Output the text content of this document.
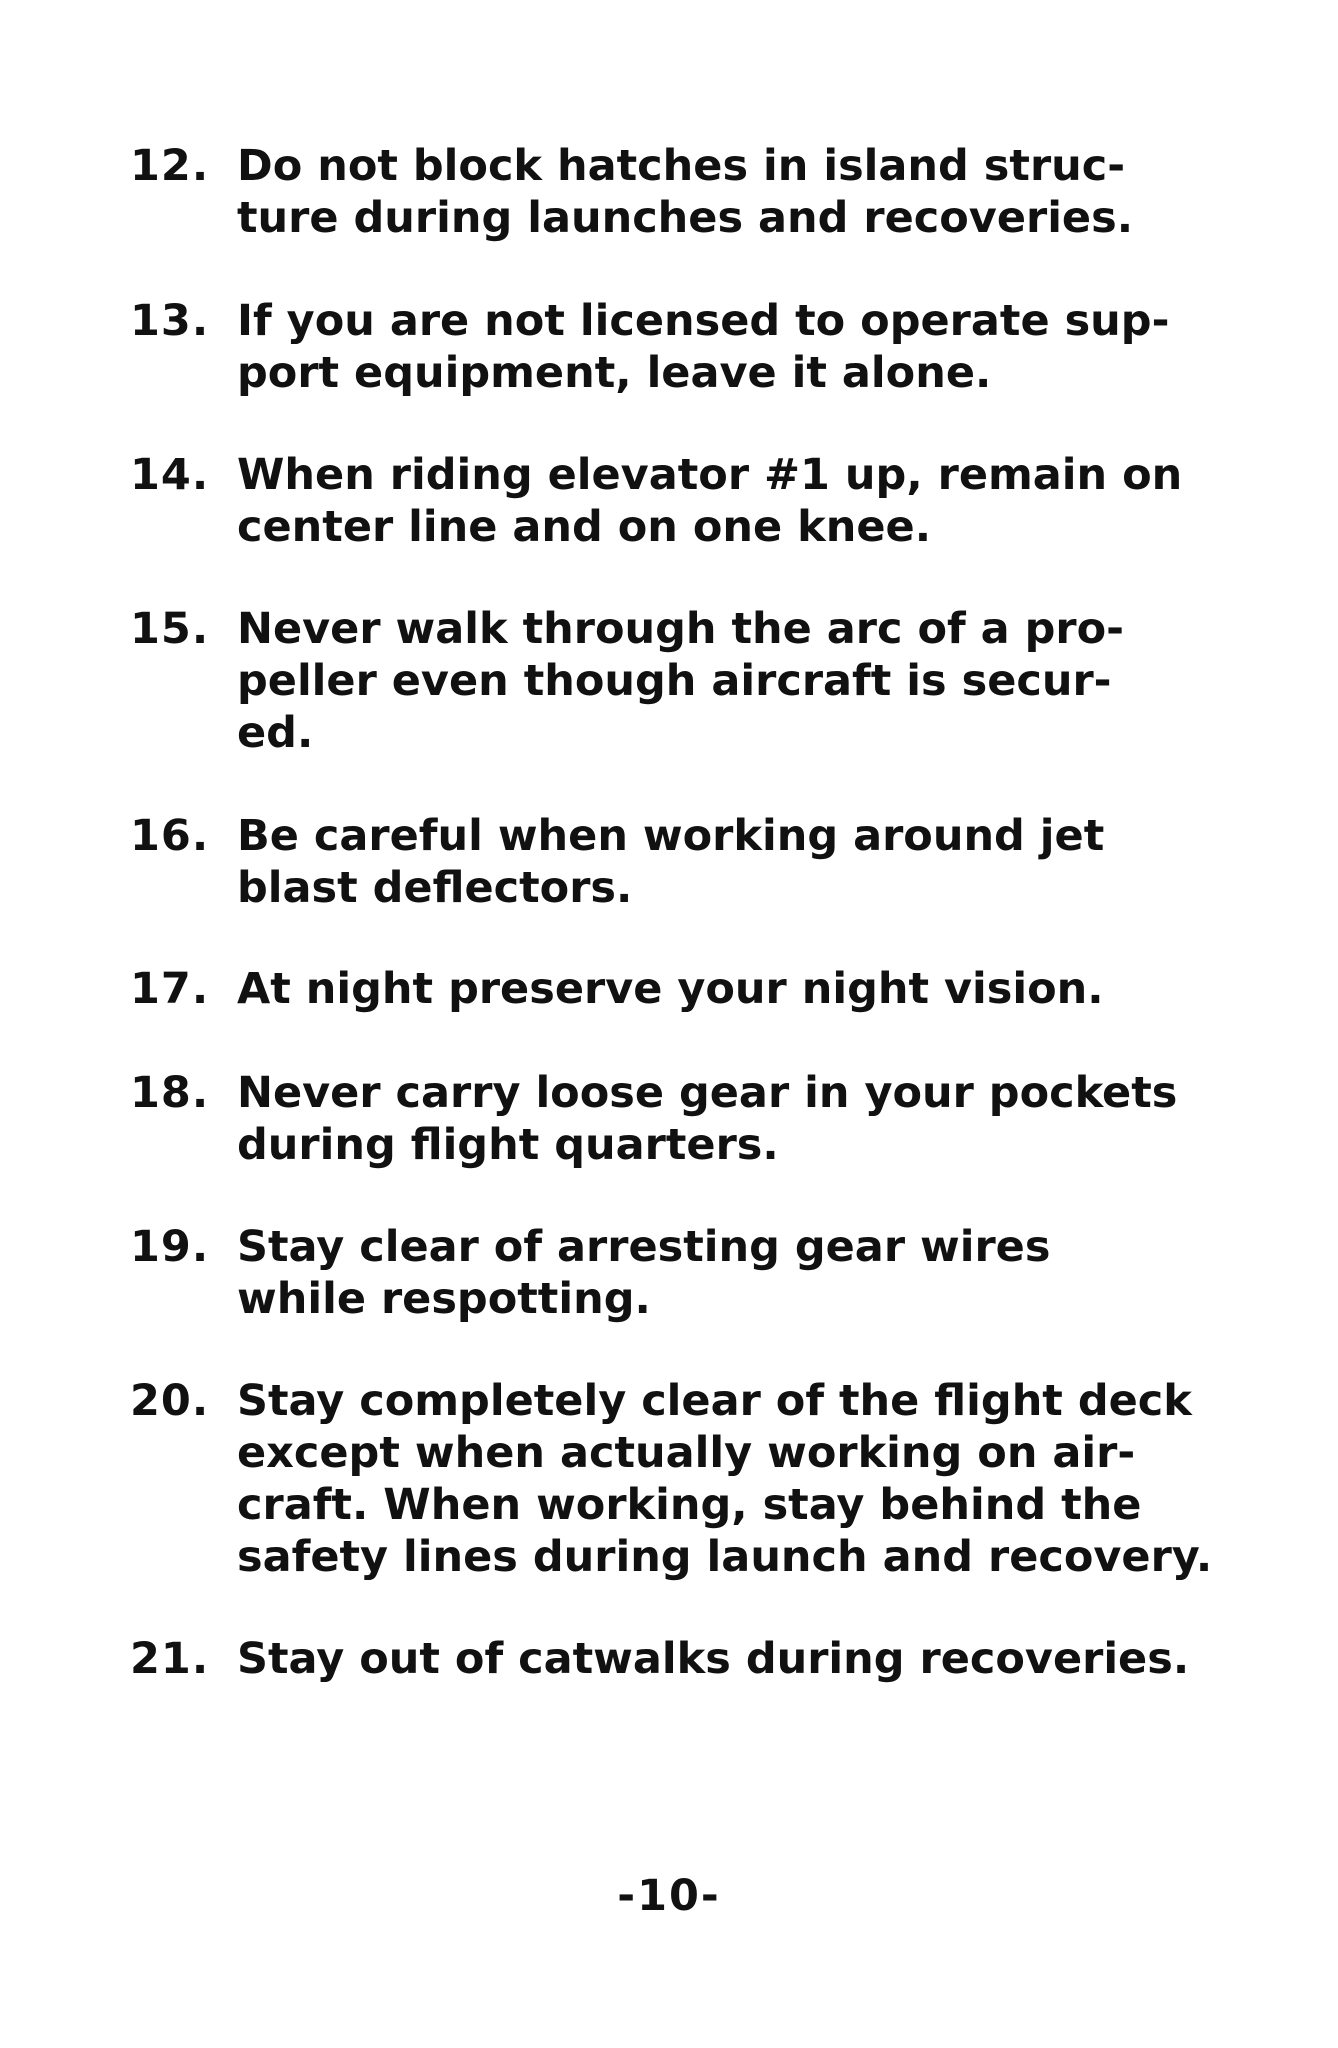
12. Do not block hatches in island struc-
ture during launches and recoveries.
13. If you are not licensed to operate sup-
port equipment, leave it alone.
14. When riding elevator #1 up, remain on
center line and on one knee.
15. Never walk through the arc of a pro-
peller even though aircraft is secur-
ed.
16. Be careful when working around jet
blast deflectors.
17. At night preserve your night vision.
18. Never carry loose gear in your pockets
during flight quarters.
19. Stay clear of arresting gear wires
while respotting.
20. Stay completely clear of the flight deck
except when actually working on air-
craft. When working, stay behind the
safety lines during launch and recovery.
21. Stay out of catwalks during recoveries.
-10-
